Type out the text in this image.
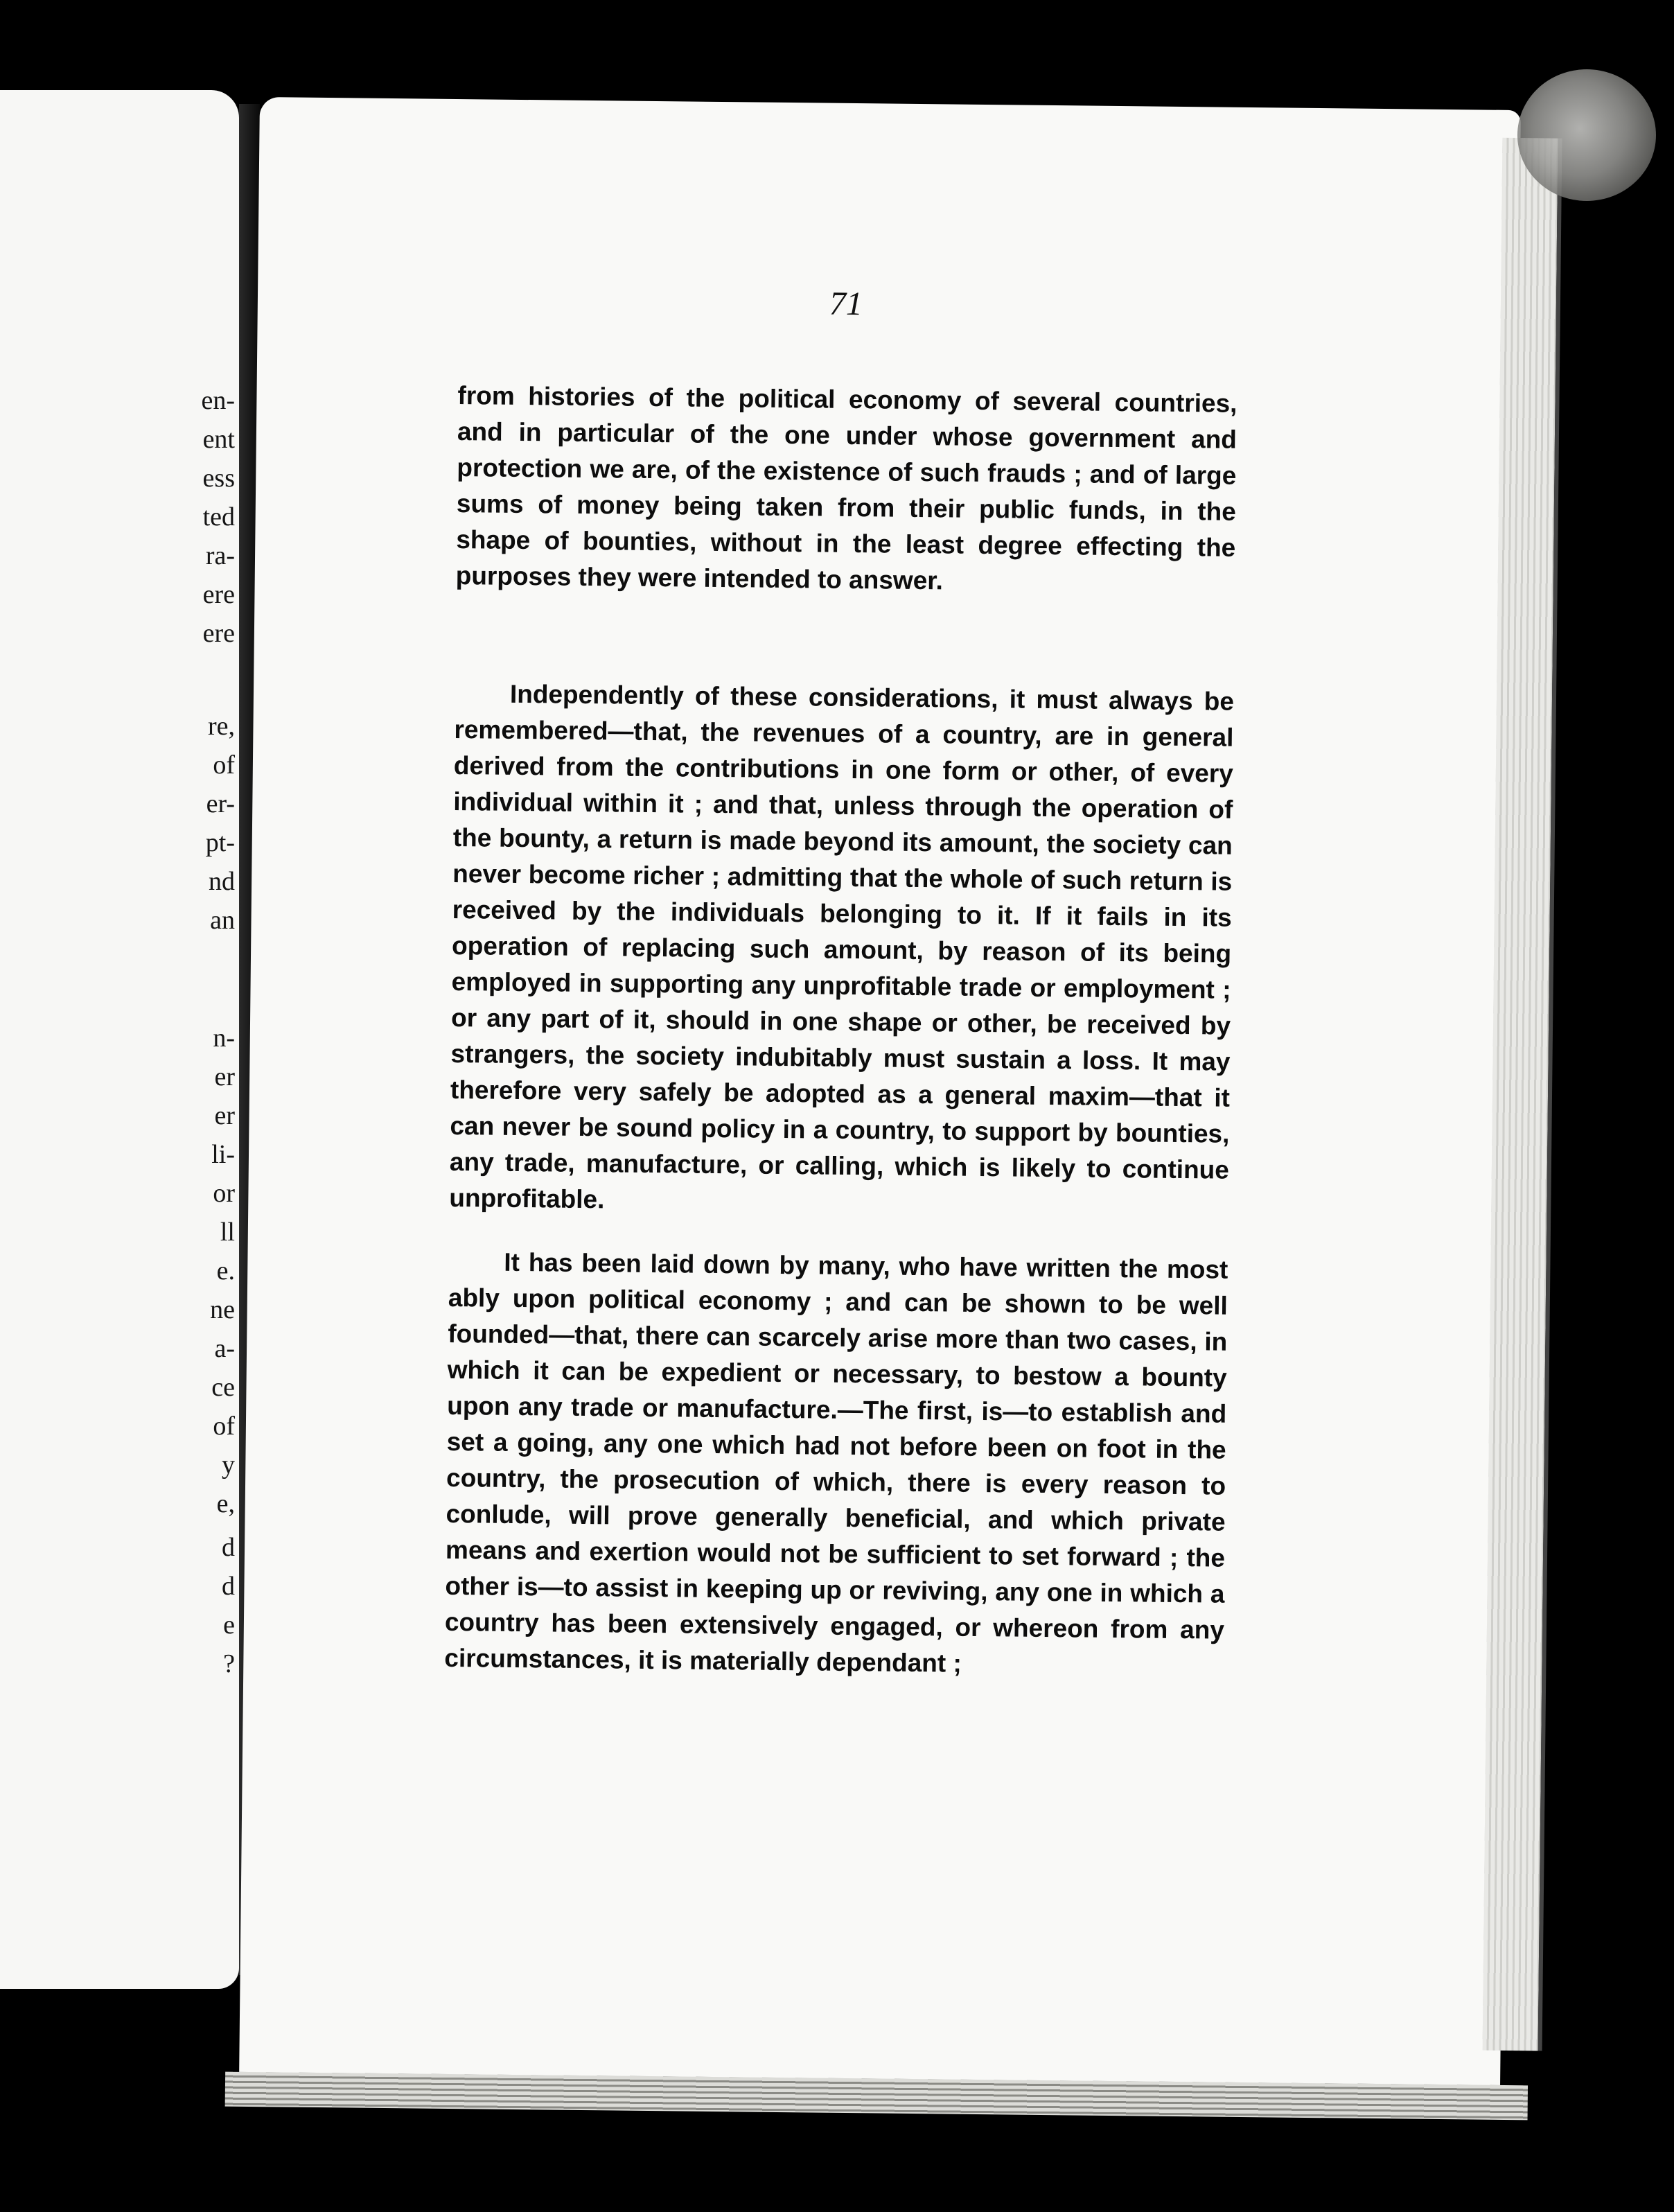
en-
ent
ess
ted
ra-
ere
ere
re,
of
er-
pt-
nd
an
n-
er
er
li-
or
ll
e.
ne
a-
ce
of
y
e,
d
d
e
?
71

from histories of the political economy of several countries, and in particular of the one under whose government and protection we are, of the existence of such frauds ; and of large sums of money being taken from their public funds, in the shape of bounties, without in the least degree effecting the purposes they were intended to answer.

Independently of these considerations, it must always be remembered—that, the revenues of a country, are in general derived from the contributions in one form or other, of every individual within it ; and that, unless through the operation of the bounty, a return is made beyond its amount, the society can never become richer ; admitting that the whole of such return is received by the individuals belonging to it. If it fails in its operation of replacing such amount, by reason of its being employed in supporting any unprofitable trade or employment ; or any part of it, should in one shape or other, be received by strangers, the society indubitably must sustain a loss. It may therefore very safely be adopted as a general maxim—that it can never be sound policy in a country, to support by bounties, any trade, manufacture, or calling, which is likely to continue unprofitable.

It has been laid down by many, who have written the most ably upon political economy ; and can be shown to be well founded—that, there can scarcely arise more than two cases, in which it can be expedient or necessary, to bestow a bounty upon any trade or manufacture.—The first, is—to establish and set a going, any one which had not before been on foot in the country, the prosecution of which, there is every reason to conlude, will prove generally beneficial, and which private means and exertion would not be sufficient to set forward ; the other is—to assist in keeping up or reviving, any one in which a country has been extensively engaged, or whereon from any circumstances, it is materially dependant ;
